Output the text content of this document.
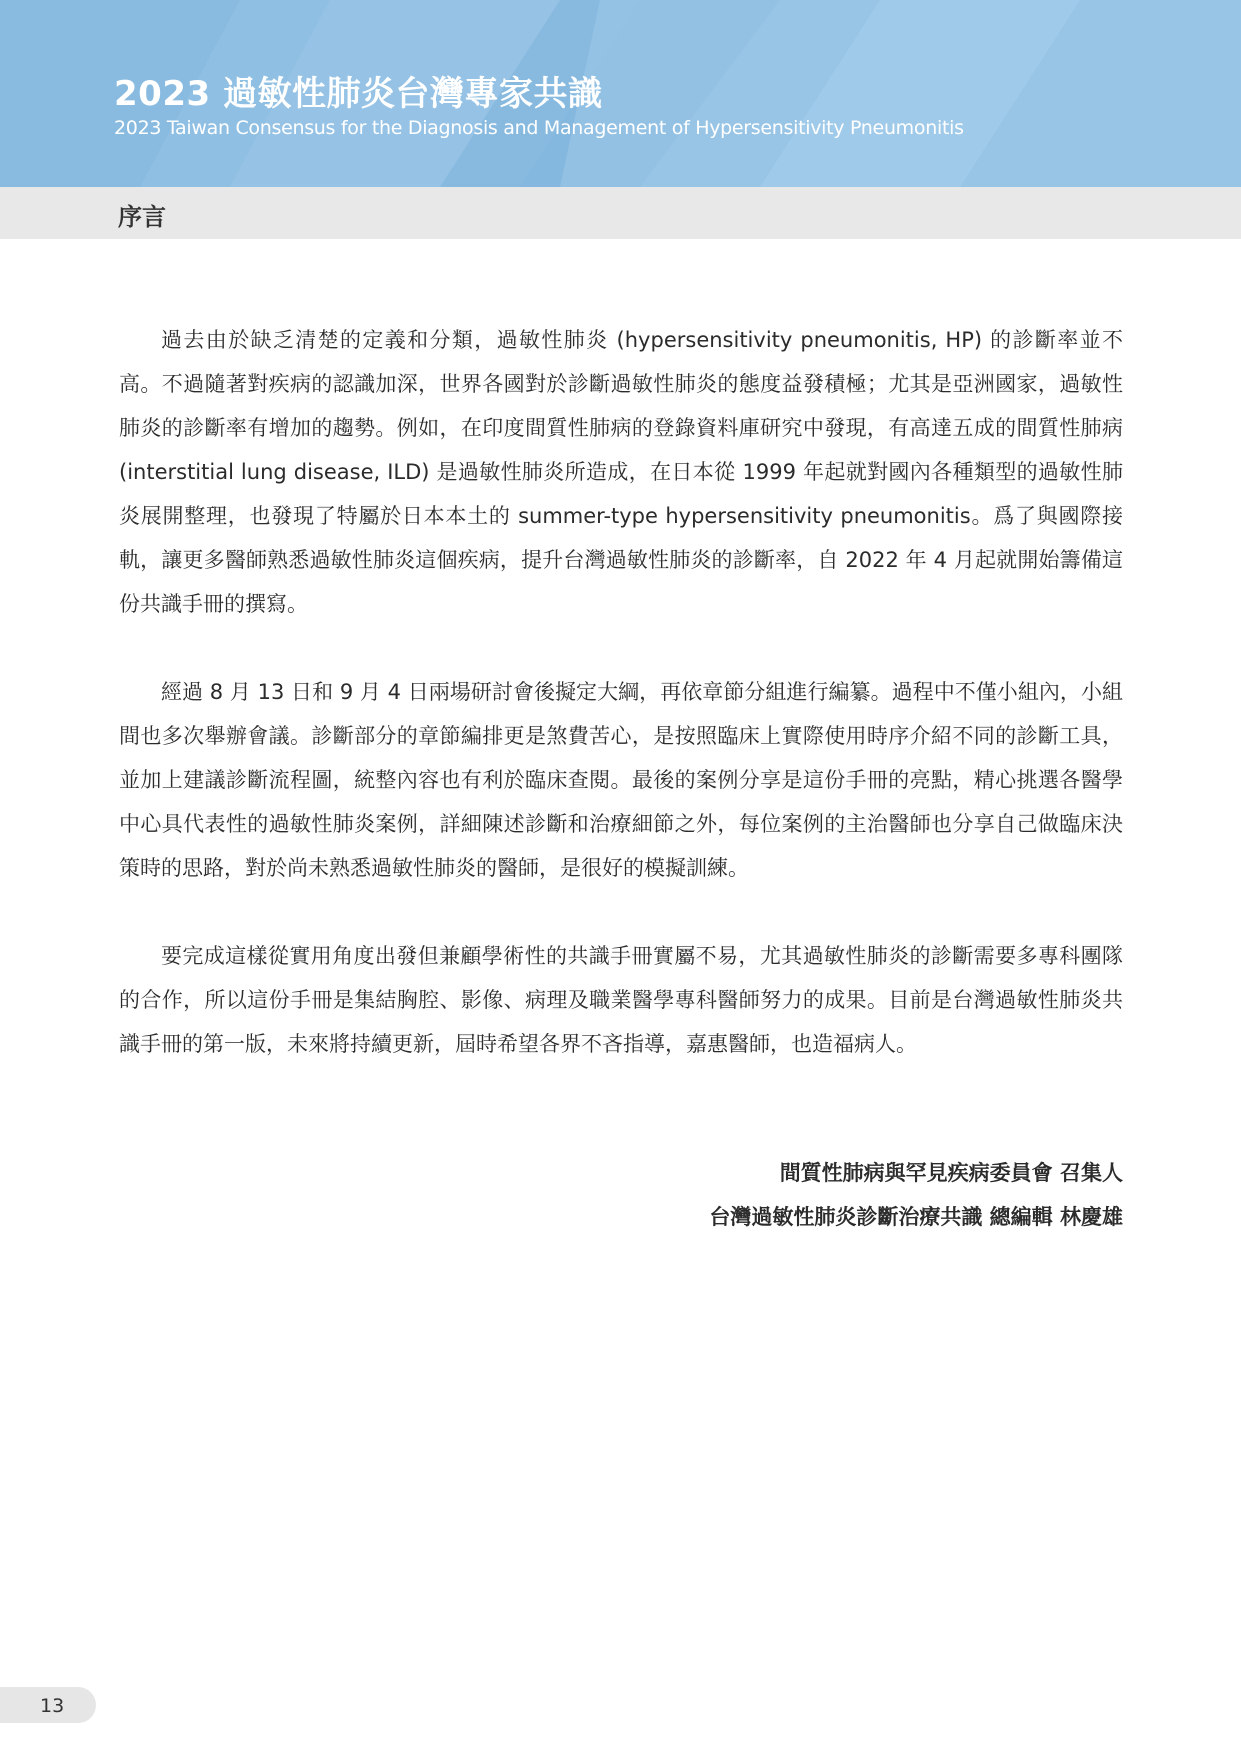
2023 過敏性肺炎台灣專家共識

2023 Taiwan Consensus for the Diagnosis and Management of Hypersensitivity Pneumonitis

序言

過去由於缺乏清楚的定義和分類，過敏性肺炎 (hypersensitivity pneumonitis, HP) 的診斷率並不高。不過隨著對疾病的認識加深，世界各國對於診斷過敏性肺炎的態度益發積極；尤其是亞洲國家，過敏性肺炎的診斷率有增加的趨勢。例如，在印度間質性肺病的登錄資料庫研究中發現，有高達五成的間質性肺病 (interstitial lung disease, ILD) 是過敏性肺炎所造成，在日本從 1999 年起就對國內各種類型的過敏性肺炎展開整理，也發現了特屬於日本本土的 summer-type hypersensitivity pneumonitis。爲了與國際接軌，讓更多醫師熟悉過敏性肺炎這個疾病，提升台灣過敏性肺炎的診斷率，自 2022 年 4 月起就開始籌備這份共識手冊的撰寫。

經過 8 月 13 日和 9 月 4 日兩場研討會後擬定大綱，再依章節分組進行編纂。過程中不僅小組內，小組間也多次舉辦會議。診斷部分的章節編排更是煞費苦心，是按照臨床上實際使用時序介紹不同的診斷工具，並加上建議診斷流程圖，統整內容也有利於臨床查閱。最後的案例分享是這份手冊的亮點，精心挑選各醫學中心具代表性的過敏性肺炎案例，詳細陳述診斷和治療細節之外，每位案例的主治醫師也分享自己做臨床決策時的思路，對於尚未熟悉過敏性肺炎的醫師，是很好的模擬訓練。

要完成這樣從實用角度出發但兼顧學術性的共識手冊實屬不易，尤其過敏性肺炎的診斷需要多專科團隊的合作，所以這份手冊是集結胸腔、影像、病理及職業醫學專科醫師努力的成果。目前是台灣過敏性肺炎共識手冊的第一版，未來將持續更新，屆時希望各界不吝指導，嘉惠醫師，也造福病人。

間質性肺病與罕見疾病委員會 召集人
台灣過敏性肺炎診斷治療共識 總編輯 林慶雄
13
